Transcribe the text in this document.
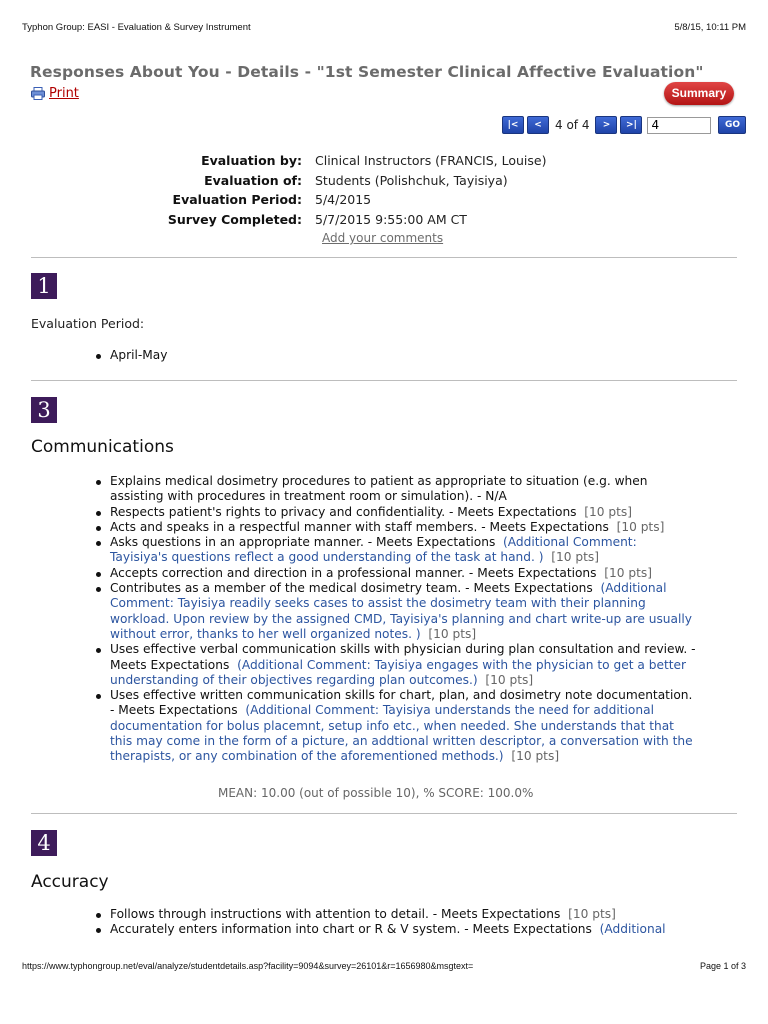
Typhon Group: EASI - Evaluation & Survey Instrument	5/8/15, 10:11 PM
Responses About You - Details - "1st Semester Clinical Affective Evaluation"
Print	Summary
|<	<	4 of 4	>	>|
4	GO
Evaluation by: Clinical Instructors (FRANCIS, Louise)
Evaluation of: Students (Polishchuk, Tayisiya)
Evaluation Period: 5/4/2015
Survey Completed: 5/7/2015 9:55:00 AM CT
Add your comments
1
Evaluation Period:
April-May
3
Communications
Explains medical dosimetry procedures to patient as appropriate to situation (e.g. when assisting with procedures in treatment room or simulation). - N/A
Respects patient's rights to privacy and confidentiality. - Meets Expectations [10 pts]
Acts and speaks in a respectful manner with staff members. - Meets Expectations [10 pts]
Asks questions in an appropriate manner. - Meets Expectations (Additional Comment: Tayisiya's questions reflect a good understanding of the task at hand. ) [10 pts]
Accepts correction and direction in a professional manner. - Meets Expectations [10 pts]
Contributes as a member of the medical dosimetry team. - Meets Expectations (Additional Comment: Tayisiya readily seeks cases to assist the dosimetry team with their planning workload. Upon review by the assigned CMD, Tayisiya's planning and chart write-up are usually without error, thanks to her well organized notes. ) [10 pts]
Uses effective verbal communication skills with physician during plan consultation and review. - Meets Expectations (Additional Comment: Tayisiya engages with the physician to get a better understanding of their objectives regarding plan outcomes.) [10 pts]
Uses effective written communication skills for chart, plan, and dosimetry note documentation. - Meets Expectations (Additional Comment: Tayisiya understands the need for additional documentation for bolus placemnt, setup info etc., when needed. She understands that that this may come in the form of a picture, an addtional written descriptor, a conversation with the therapists, or any combination of the aforementioned methods.) [10 pts]
MEAN: 10.00 (out of possible 10), % SCORE: 100.0%
4
Accuracy
Follows through instructions with attention to detail. - Meets Expectations [10 pts]
Accurately enters information into chart or R & V system. - Meets Expectations (Additional
https://www.typhongroup.net/eval/analyze/studentdetails.asp?facility=9094&survey=26101&r=1656980&msgtext=	Page 1 of 3
